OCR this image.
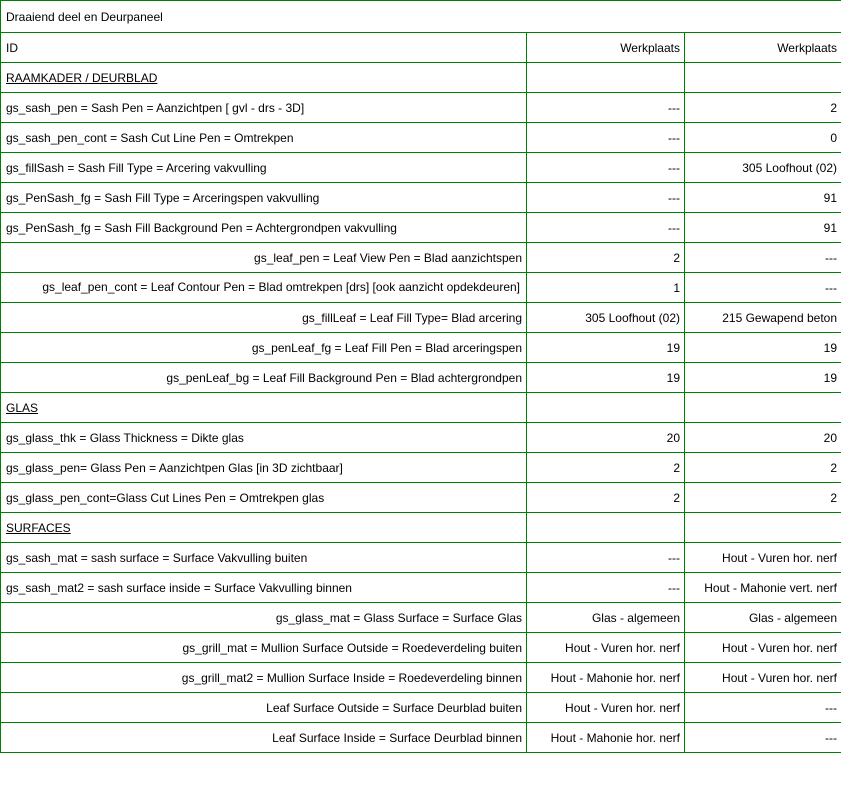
Draaiend deel en Deurpaneel		
ID	Werkplaats	Werkplaats
RAAMKADER / DEURBLAD		
gs_sash_pen = Sash Pen = Aanzichtpen [ gvl - drs - 3D]	---	2
gs_sash_pen_cont = Sash Cut Line Pen = Omtrekpen	---	0
gs_fillSash = Sash Fill Type = Arcering vakvulling	---	305 Loofhout (02)
gs_PenSash_fg = Sash Fill Type = Arceringspen vakvulling	---	91
gs_PenSash_fg = Sash Fill Background Pen = Achtergrondpen vakvulling	---	91
gs_leaf_pen = Leaf View Pen = Blad aanzichtspen	2	---
gs_leaf_pen_cont = Leaf Contour Pen = Blad omtrekpen [drs] [ook aanzicht opdekdeuren]	1	---
gs_fillLeaf = Leaf Fill Type= Blad arcering	305 Loofhout (02)	215 Gewapend beton
gs_penLeaf_fg = Leaf Fill Pen = Blad arceringspen	19	19
gs_penLeaf_bg = Leaf Fill Background Pen = Blad achtergrondpen	19	19
GLAS		
gs_glass_thk = Glass Thickness = Dikte glas	20	20
gs_glass_pen= Glass Pen = Aanzichtpen Glas [in 3D zichtbaar]	2	2
gs_glass_pen_cont=Glass Cut Lines Pen = Omtrekpen glas	2	2
SURFACES		
gs_sash_mat = sash surface = Surface Vakvulling buiten	---	Hout - Vuren hor. nerf
gs_sash_mat2 = sash surface inside = Surface Vakvulling binnen	---	Hout - Mahonie vert. nerf
gs_glass_mat = Glass Surface = Surface Glas	Glas - algemeen	Glas - algemeen
gs_grill_mat = Mullion Surface Outside = Roedeverdeling buiten	Hout - Vuren hor. nerf	Hout - Vuren hor. nerf
gs_grill_mat2 = Mullion Surface Inside = Roedeverdeling binnen	Hout - Mahonie hor. nerf	Hout - Vuren hor. nerf
Leaf Surface Outside = Surface Deurblad buiten	Hout - Vuren hor. nerf	---
Leaf Surface Inside = Surface Deurblad binnen	Hout - Mahonie hor. nerf	---
